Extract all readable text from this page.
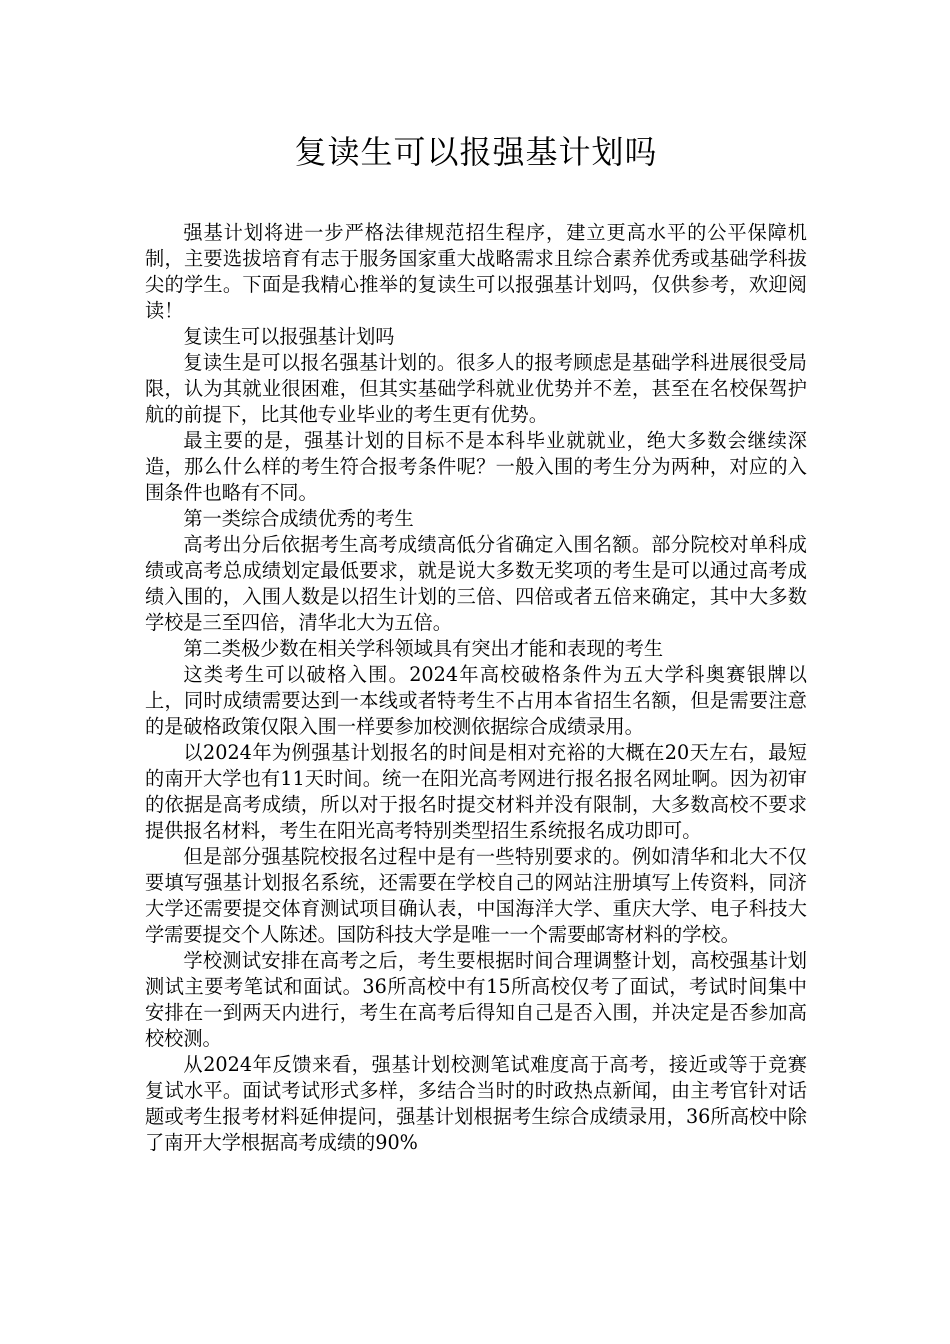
复读生可以报强基计划吗

强基计划将进一步严格法律规范招生程序，建立更高水平的公平保障机制，主要选拔培育有志于服务国家重大战略需求且综合素养优秀或基础学科拔尖的学生。下面是我精心推举的复读生可以报强基计划吗，仅供参考，欢迎阅读！

复读生可以报强基计划吗

复读生是可以报名强基计划的。很多人的报考顾虑是基础学科进展很受局限，认为其就业很困难，但其实基础学科就业优势并不差，甚至在名校保驾护航的前提下，比其他专业毕业的考生更有优势。

最主要的是，强基计划的目标不是本科毕业就就业，绝大多数会继续深造，那么什么样的考生符合报考条件呢？一般入围的考生分为两种，对应的入围条件也略有不同。

第一类综合成绩优秀的考生

高考出分后依据考生高考成绩高低分省确定入围名额。部分院校对单科成绩或高考总成绩划定最低要求，就是说大多数无奖项的考生是可以通过高考成绩入围的，入围人数是以招生计划的三倍、四倍或者五倍来确定，其中大多数学校是三至四倍，清华北大为五倍。

第二类极少数在相关学科领域具有突出才能和表现的考生

这类考生可以破格入围。2024年高校破格条件为五大学科奥赛银牌以上，同时成绩需要达到一本线或者特考生不占用本省招生名额，但是需要注意的是破格政策仅限入围一样要参加校测依据综合成绩录用。

以2024年为例强基计划报名的时间是相对充裕的大概在20天左右，最短的南开大学也有11天时间。统一在阳光高考网进行报名报名网址啊。因为初审的依据是高考成绩，所以对于报名时提交材料并没有限制，大多数高校不要求提供报名材料，考生在阳光高考特别类型招生系统报名成功即可。

但是部分强基院校报名过程中是有一些特别要求的。例如清华和北大不仅要填写强基计划报名系统，还需要在学校自己的网站注册填写上传资料，同济大学还需要提交体育测试项目确认表，中国海洋大学、重庆大学、电子科技大学需要提交个人陈述。国防科技大学是唯一一个需要邮寄材料的学校。

学校测试安排在高考之后，考生要根据时间合理调整计划，高校强基计划测试主要考笔试和面试。36所高校中有15所高校仅考了面试，考试时间集中安排在一到两天内进行，考生在高考后得知自己是否入围，并决定是否参加高校校测。

从2024年反馈来看，强基计划校测笔试难度高于高考，接近或等于竞赛复试水平。面试考试形式多样，多结合当时的时政热点新闻，由主考官针对话题或考生报考材料延伸提问，强基计划根据考生综合成绩录用，36所高校中除了南开大学根据高考成绩的90%
